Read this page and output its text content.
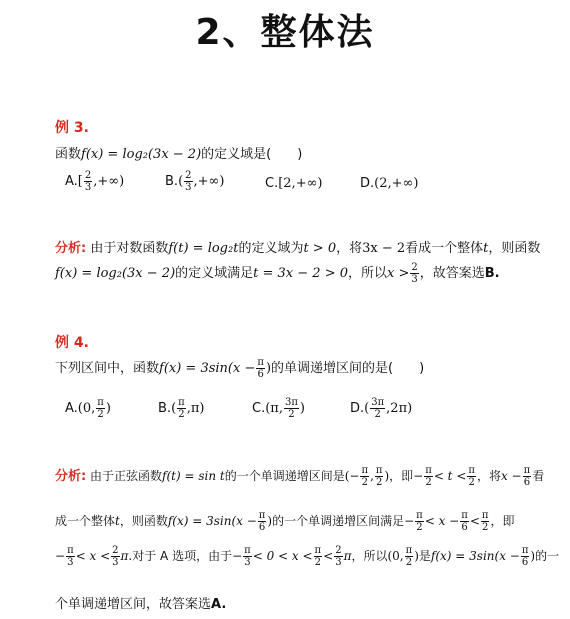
2、整体法
例 3.
函数f(x) = log₂(3x − 2)的定义域是(　　)
$A.[ \frac{2}{3}$ ,+∞)	$B.( \frac{2}{3}$ ,+∞)	C.[2,+∞)	D.(2,+∞)
分析: 由于对数函数f(t) = log₂t的定义域为t > 0，将3x − 2看成一个整体t，则函数
f(x) = log₂(3x − 2)的定义域满足t = 3x − 2 > 0，所以$x > \frac{2}{3}$ ，故答案选B.
例 4.
下列区间中，函数$f(x) = 3\sin(x - \frac{\pi}{6}$ )的单调递增区间的是(　　)
A.(0, $\frac{\pi}{2}$ )	$B.( \frac{\pi}{2} ,\pi)$	C.(π, $\frac{3\pi}{2}$ )	$D.( \frac{3\pi}{2} ,2\pi)$
分析: 由于正弦函数f(t) = sin t的一个单调递增区间是(− $\frac{\pi}{2}$ , $\frac{\pi}{2}$ )，即− $\frac{\pi}{2} < t < \frac{\pi}{2}$ ，将$x - \frac{\pi}{6}$ 看
成一个整体t，则函数$f(x) = 3\sin(x - \frac{\pi}{6}$ )的一个单调递增区间满足− $\frac{\pi}{2} < x - \frac{\pi}{6} < \frac{\pi}{2}$ ，即
− $\frac{\pi}{3} < x < \frac{2}{3} \pi$.对于 A 选项，由于− $\frac{\pi}{3} < 0 < x < \frac{\pi}{2} < \frac{2}{3}$ π，所以(0, $\frac{\pi}{2}$ )是$f(x) = 3\sin(x - \frac{\pi}{6}$ )的一
个单调递增区间，故答案选A.
